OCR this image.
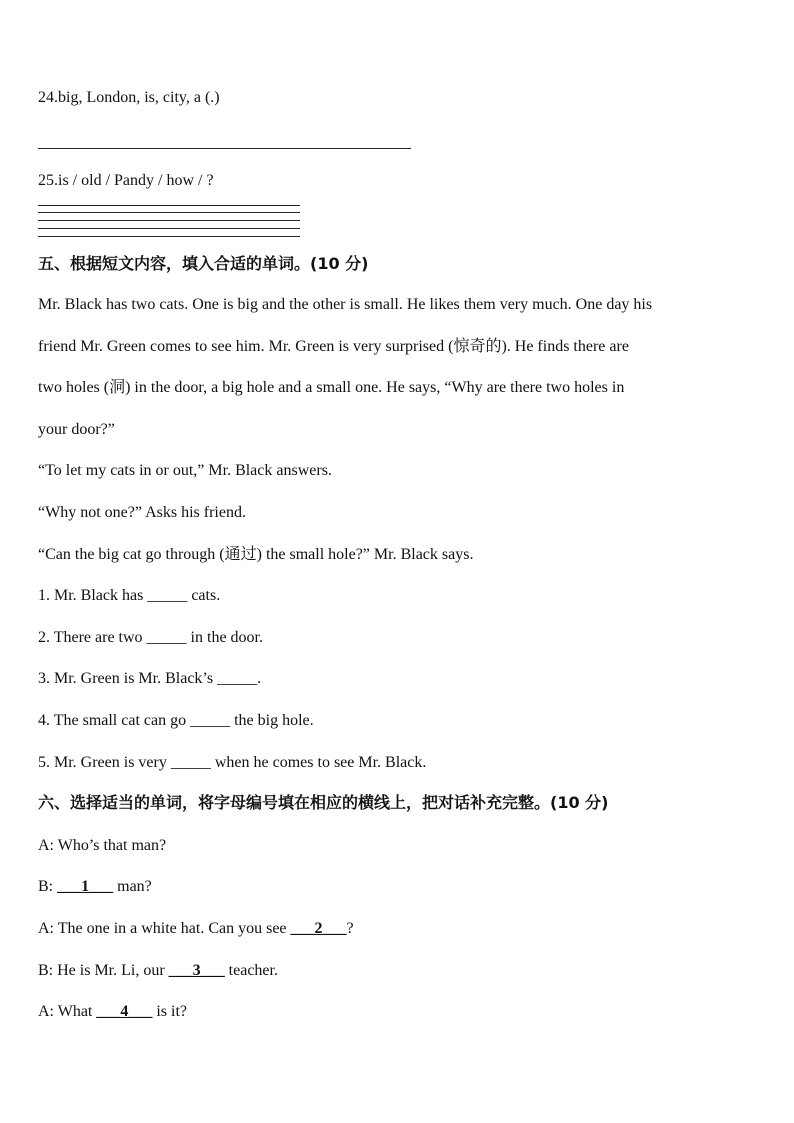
24.big, London, is, city, a (.)
25.is / old / Pandy / how / ?
五、根据短文内容，填入合适的单词。(10 分)
Mr. Black has two cats. One is big and the other is small. He likes them very much. One day his
friend Mr. Green comes to see him. Mr. Green is very surprised (惊奇的). He finds there are
two holes (洞) in the door, a big hole and a small one. He says, “Why are there two holes in
your door?”
“To let my cats in or out,” Mr. Black answers.
“Why not one?” Asks his friend.
“Can the big cat go through (通过) the small hole?” Mr. Black says.
1. Mr. Black has _____ cats.
2. There are two _____ in the door.
3. Mr. Green is Mr. Black’s _____.
4. The small cat can go _____ the big hole.
5. Mr. Green is very _____ when he comes to see Mr. Black.
六、选择适当的单词，将字母编号填在相应的横线上，把对话补充完整。(10 分)
A: Who’s that man?
B: ___1___ man?
A: The one in a white hat. Can you see ___2___?
B: He is Mr. Li, our ___3___ teacher.
A: What ___4___ is it?
